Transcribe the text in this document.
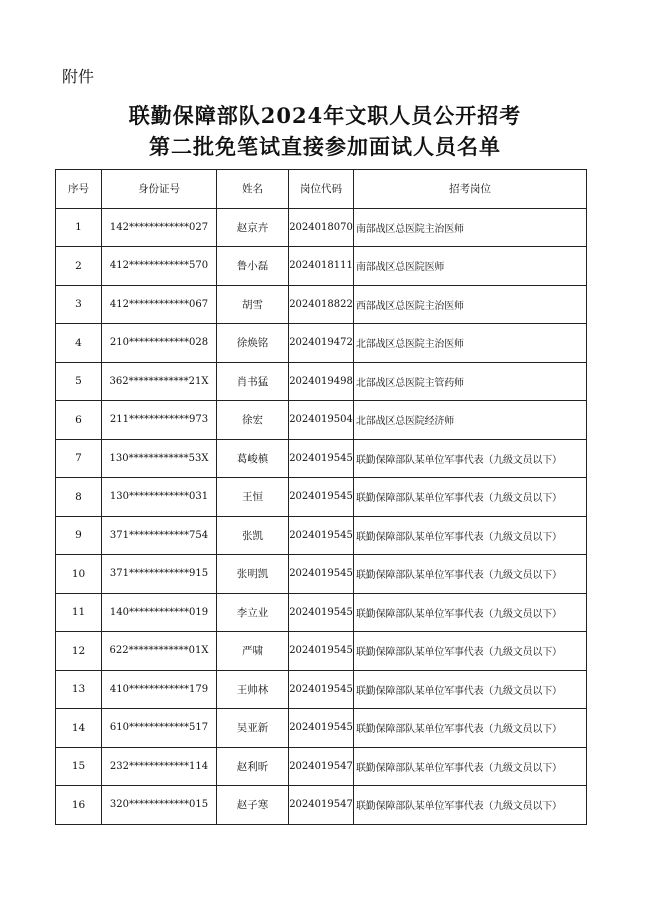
附件
联勤保障部队2024年文职人员公开招考
第二批免笔试直接参加面试人员名单
序号	身份证号	姓名	岗位代码	招考岗位
1	142************027	赵京卉	2024018070	南部战区总医院主治医师
2	412************570	鲁小磊	2024018111	南部战区总医院医师
3	412************067	胡雪	2024018822	西部战区总医院主治医师
4	210************028	徐焕铭	2024019472	北部战区总医院主治医师
5	362************21X	肖书猛	2024019498	北部战区总医院主管药师
6	211************973	徐宏	2024019504	北部战区总医院经济师
7	130************53X	葛峻槙	2024019545	联勤保障部队某单位军事代表（九级文员以下）
8	130************031	王恒	2024019545	联勤保障部队某单位军事代表（九级文员以下）
9	371************754	张凯	2024019545	联勤保障部队某单位军事代表（九级文员以下）
10	371************915	张明凯	2024019545	联勤保障部队某单位军事代表（九级文员以下）
11	140************019	李立业	2024019545	联勤保障部队某单位军事代表（九级文员以下）
12	622************01X	严啸	2024019545	联勤保障部队某单位军事代表（九级文员以下）
13	410************179	王帅林	2024019545	联勤保障部队某单位军事代表（九级文员以下）
14	610************517	吴亚新	2024019545	联勤保障部队某单位军事代表（九级文员以下）
15	232************114	赵利昕	2024019547	联勤保障部队某单位军事代表（九级文员以下）
16	320************015	赵子寒	2024019547	联勤保障部队某单位军事代表（九级文员以下）
